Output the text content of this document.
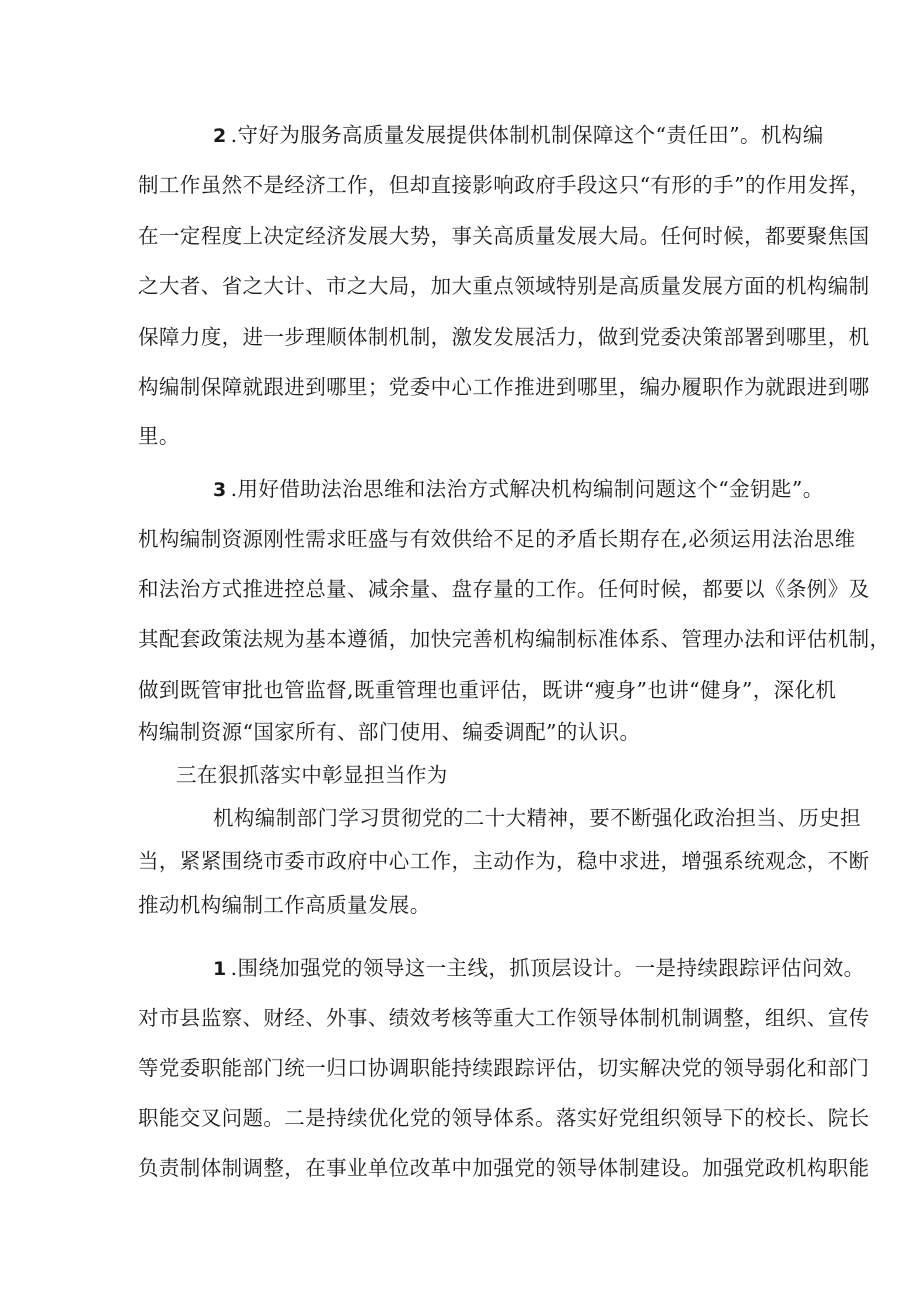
2 .守好为服务高质量发展提供体制机制保障这个“责任田”。机构编
制工作虽然不是经济工作，但却直接影响政府手段这只“有形的手”的作用发挥，
在一定程度上决定经济发展大势，事关高质量发展大局。任何时候，都要聚焦国
之大者、省之大计、市之大局，加大重点领域特别是高质量发展方面的机构编制
保障力度，进一步理顺体制机制，激发发展活力，做到党委决策部署到哪里，机
构编制保障就跟进到哪里；党委中心工作推进到哪里，编办履职作为就跟进到哪
里。
3 .用好借助法治思维和法治方式解决机构编制问题这个“金钥匙”。
机构编制资源刚性需求旺盛与有效供给不足的矛盾长期存在,必须运用法治思维
和法治方式推进控总量、减余量、盘存量的工作。任何时候，都要以《条例》及
其配套政策法规为基本遵循，加快完善机构编制标准体系、管理办法和评估机制，
做到既管审批也管监督,既重管理也重评估，既讲“瘦身”也讲“健身”，深化机
构编制资源“国家所有、部门使用、编委调配”的认识。
三在狠抓落实中彰显担当作为
机构编制部门学习贯彻党的二十大精神，要不断强化政治担当、历史担
当，紧紧围绕市委市政府中心工作，主动作为，稳中求进，增强系统观念，不断
推动机构编制工作高质量发展。
1 .围绕加强党的领导这一主线，抓顶层设计。一是持续跟踪评估问效。
对市县监察、财经、外事、绩效考核等重大工作领导体制机制调整，组织、宣传
等党委职能部门统一归口协调职能持续跟踪评估，切实解决党的领导弱化和部门
职能交叉问题。二是持续优化党的领导体系。落实好党组织领导下的校长、院长
负责制体制调整，在事业单位改革中加强党的领导体制建设。加强党政机构职能
